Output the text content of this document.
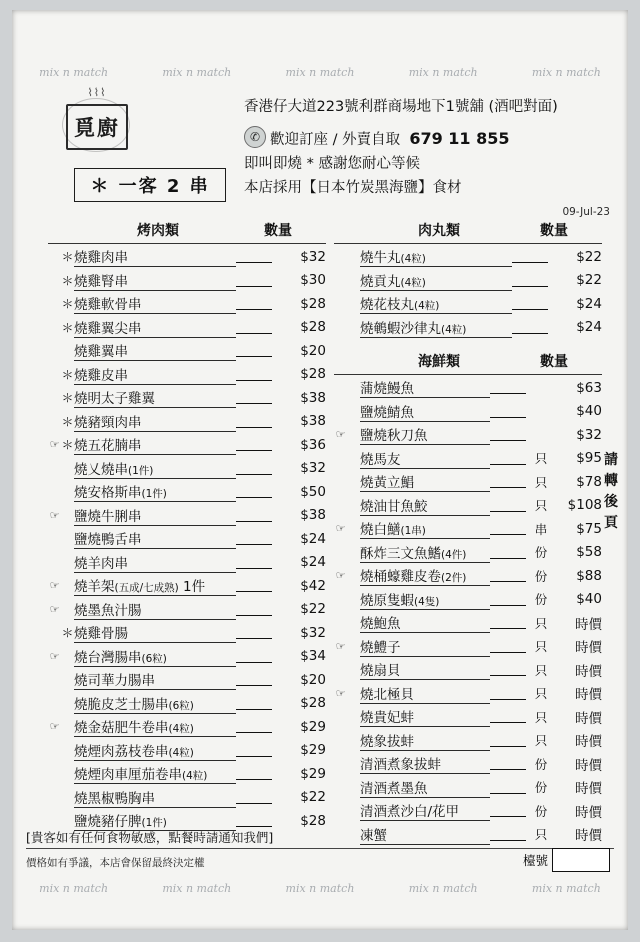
mix n match	mix n match	mix n match	mix n match	mix n match
mix n match	mix n match	mix n match	mix n match	mix n match
⌇⌇⌇
覓廚
香港仔大道223號利群商場地下1號舖 (酒吧對面)
✆ 歡迎訂座 / 外賣自取 679 11 855
即叫即燒 * 感謝您耐心等候
本店採用【日本竹炭黑海鹽】食材
＊ 一客 2 串
09-Jul-23
烤肉類	數量
＊ 燒雞肉串	$32
＊ 燒雞腎串	$30
＊ 燒雞軟骨串	$28
＊ 燒雞翼尖串	$28
燒雞翼串	$20
＊ 燒雞皮串	$28
＊ 燒明太子雞翼	$38
＊ 燒豬頸肉串	$38
☞ ＊ 燒五花腩串	$36
燒乂燒串(1件)	$32
燒安格斯串(1件)	$50
☞ 鹽燒牛脷串	$38
鹽燒鴨舌串	$24
燒羊肉串	$24
☞ 燒羊架(五成/七成熟) 1件	$42
☞ 燒墨魚汁腸	$22
＊ 燒雞骨腸	$32
☞ 燒台灣腸串(6粒)	$34
燒司華力腸串	$20
燒脆皮芝士腸串(6粒)	$28
☞ 燒金菇肥牛卷串(4粒)	$29
燒煙肉荔枝卷串(4粒)	$29
燒煙肉車厘茄卷串(4粒)	$29
燒黑椒鴨胸串	$22
鹽燒豬仔脾(1件)	$28
肉丸類	數量
燒牛丸(4粒)	$22
燒貢丸(4粒)	$22
燒花枝丸(4粒)	$24
燒鵪蝦沙律丸(4粒)	$24
海鮮類	數量
蒲燒鰻魚	$63
鹽燒鯖魚	$40
☞ 鹽燒秋刀魚	$32
燒馬友	只	$95
燒黃立鯧	只	$78
燒油甘魚鮫	只	$108
☞ 燒白鱔(1串)	串	$75
酥炸三文魚鰭(4件)	份	$58
☞ 燒桶蠔雞皮卷(2件)	份	$88
燒原隻蝦(4隻)	份	$40
燒鮑魚	只	時價
☞ 燒鱧子	只	時價
燒扇貝	只	時價
☞ 燒北極貝	只	時價
燒貴妃蚌	只	時價
燒象拔蚌	只	時價
清酒煮象拔蚌	份	時價
清酒煮墨魚	份	時價
清酒煮沙白/花甲	份	時價
凍蟹	只	時價
請
轉
後
頁
[貴客如有任何食物敏感，點餐時請通知我們]
價格如有爭議，本店會保留最終決定權	檯號
